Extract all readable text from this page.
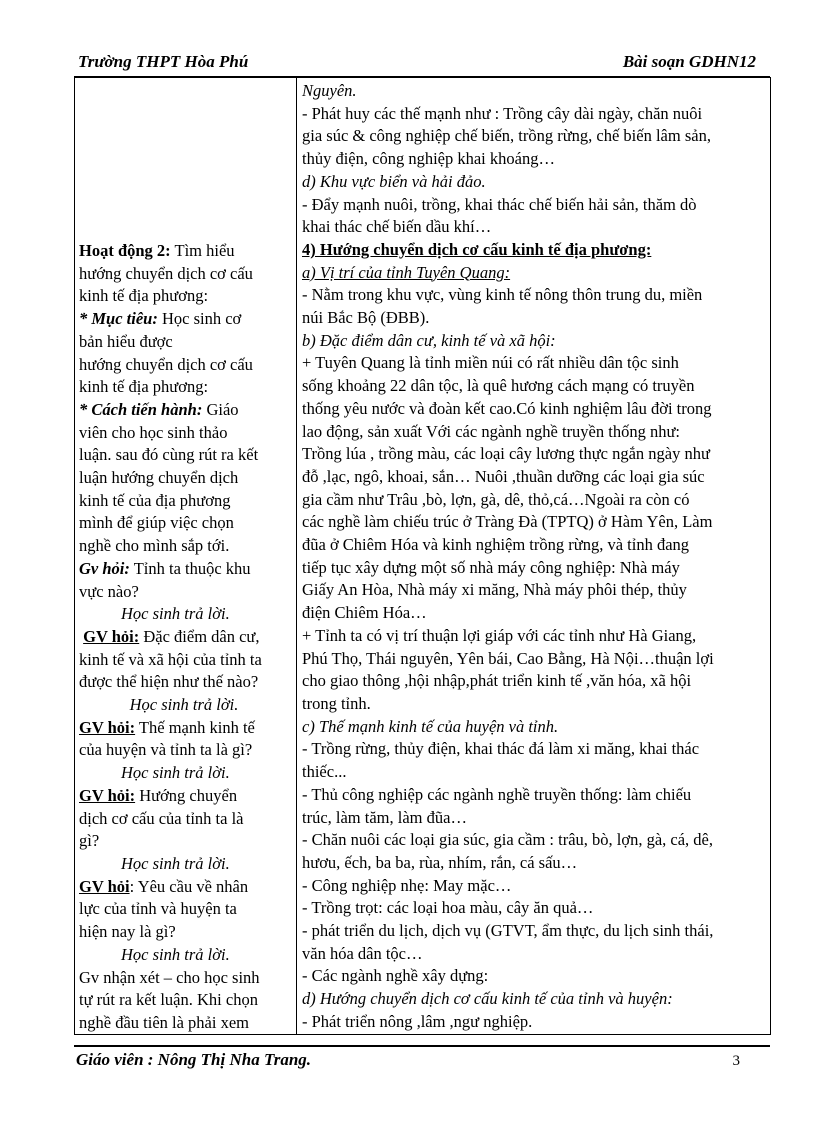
Trường THPT Hòa Phú	Bài soạn GDHN12

Hoạt động 2: Tìm hiểu

hướng chuyển dịch cơ cấu

kinh tế địa phương:

* Mục tiêu: Học sinh cơ

bản hiểu được

hướng chuyển dịch cơ cấu

kinh tế địa phương:

* Cách tiến hành: Giáo

viên cho học sinh thảo

luận. sau đó cùng rút ra kết

luận hướng chuyển dịch

kinh tế của địa phương

mình để giúp việc chọn

nghề cho mình sắp tới.

Gv hỏi: Tỉnh ta thuộc khu

vực nào?

Học sinh trả lời.

GV hỏi: Đặc điểm dân cư,

kinh tế và xã hội của tỉnh ta

được thể hiện như thế nào?

Học sinh trả lời.

GV hỏi: Thế mạnh kinh tế

của huyện và tỉnh ta là gì?

Học sinh trả lời.

GV hỏi: Hướng chuyển

dịch cơ cấu của tỉnh ta là

gì?

Học sinh trả lời.

GV hỏi: Yêu cầu về nhân

lực của tỉnh và huyện ta

hiện nay là gì?

Học sinh trả lời.

Gv nhận xét – cho học sinh

tự rút ra kết luận. Khi chọn

nghề đầu tiên là phải xem

Nguyên.

- Phát huy các thế mạnh như : Trồng cây dài ngày, chăn nuôi

gia súc & công nghiệp chế biến, trồng rừng, chế biến lâm sản,

thủy điện, công nghiệp khai khoáng…

d) Khu vực biển và hải đảo.

- Đẩy mạnh nuôi, trồng, khai thác chế biến hải sản, thăm dò

khai thác chế biến dầu khí…

4) Hướng chuyển dịch cơ cấu kinh tế địa phương:

a) Vị trí của tỉnh Tuyên Quang:

- Nằm trong khu vực, vùng kinh tế nông thôn trung du, miền

núi Bắc Bộ (ĐBB).

b) Đặc điểm dân cư, kinh tế và xã hội:

+ Tuyên Quang là tỉnh miền núi có rất nhiều dân tộc sinh

sống khoảng 22 dân tộc, là quê hương cách mạng có truyền

thống yêu nước và đoàn kết cao.Có kinh nghiệm lâu đời trong

lao động, sản xuất Với các ngành nghề truyền thống như:

Trồng lúa , trồng màu, các loại cây lương thực ngắn ngày như

đỗ ,lạc, ngô, khoai, sắn… Nuôi ,thuần dưỡng các loại gia súc

gia cầm như Trâu ,bò, lợn, gà, dê, thỏ,cá…Ngoài ra còn có

các nghề làm chiếu trúc ở Tràng Đà (TPTQ) ở Hàm Yên, Làm

đũa ở Chiêm Hóa và kinh nghiệm trồng rừng, và tỉnh đang

tiếp tục xây dựng một số nhà máy công nghiệp: Nhà máy

Giấy An Hòa, Nhà máy xi măng, Nhà máy phôi thép, thủy

điện Chiêm Hóa…

+ Tỉnh ta có vị trí thuận lợi giáp với các tỉnh như Hà Giang,

Phú Thọ, Thái nguyên, Yên bái, Cao Bằng, Hà Nội…thuận lợi

cho giao thông ,hội nhập,phát triển kinh tế ,văn hóa, xã hội

trong tỉnh.

c) Thế mạnh kinh tế của huyện và tỉnh.

- Trồng rừng, thủy điện, khai thác đá làm xi măng, khai thác

thiếc...

- Thủ công nghiệp các ngành nghề truyền thống: làm chiếu

trúc, làm tăm, làm đũa…

- Chăn nuôi các loại gia súc, gia cầm : trâu, bò, lợn, gà, cá, dê,

hươu, ếch, ba ba, rùa, nhím, rắn, cá sấu…

- Công nghiệp nhẹ: May mặc…

- Trồng trọt: các loại hoa màu, cây ăn quả…

- phát triển du lịch, dịch vụ (GTVT, ẩm thực, du lịch sinh thái,

văn hóa dân tộc…

- Các ngành nghề xây dựng:

d) Hướng chuyển dịch cơ cấu kinh tế của tỉnh và huyện:

- Phát triển nông ,lâm ,ngư nghiệp.

Giáo viên : Nông Thị Nha Trang.	3
